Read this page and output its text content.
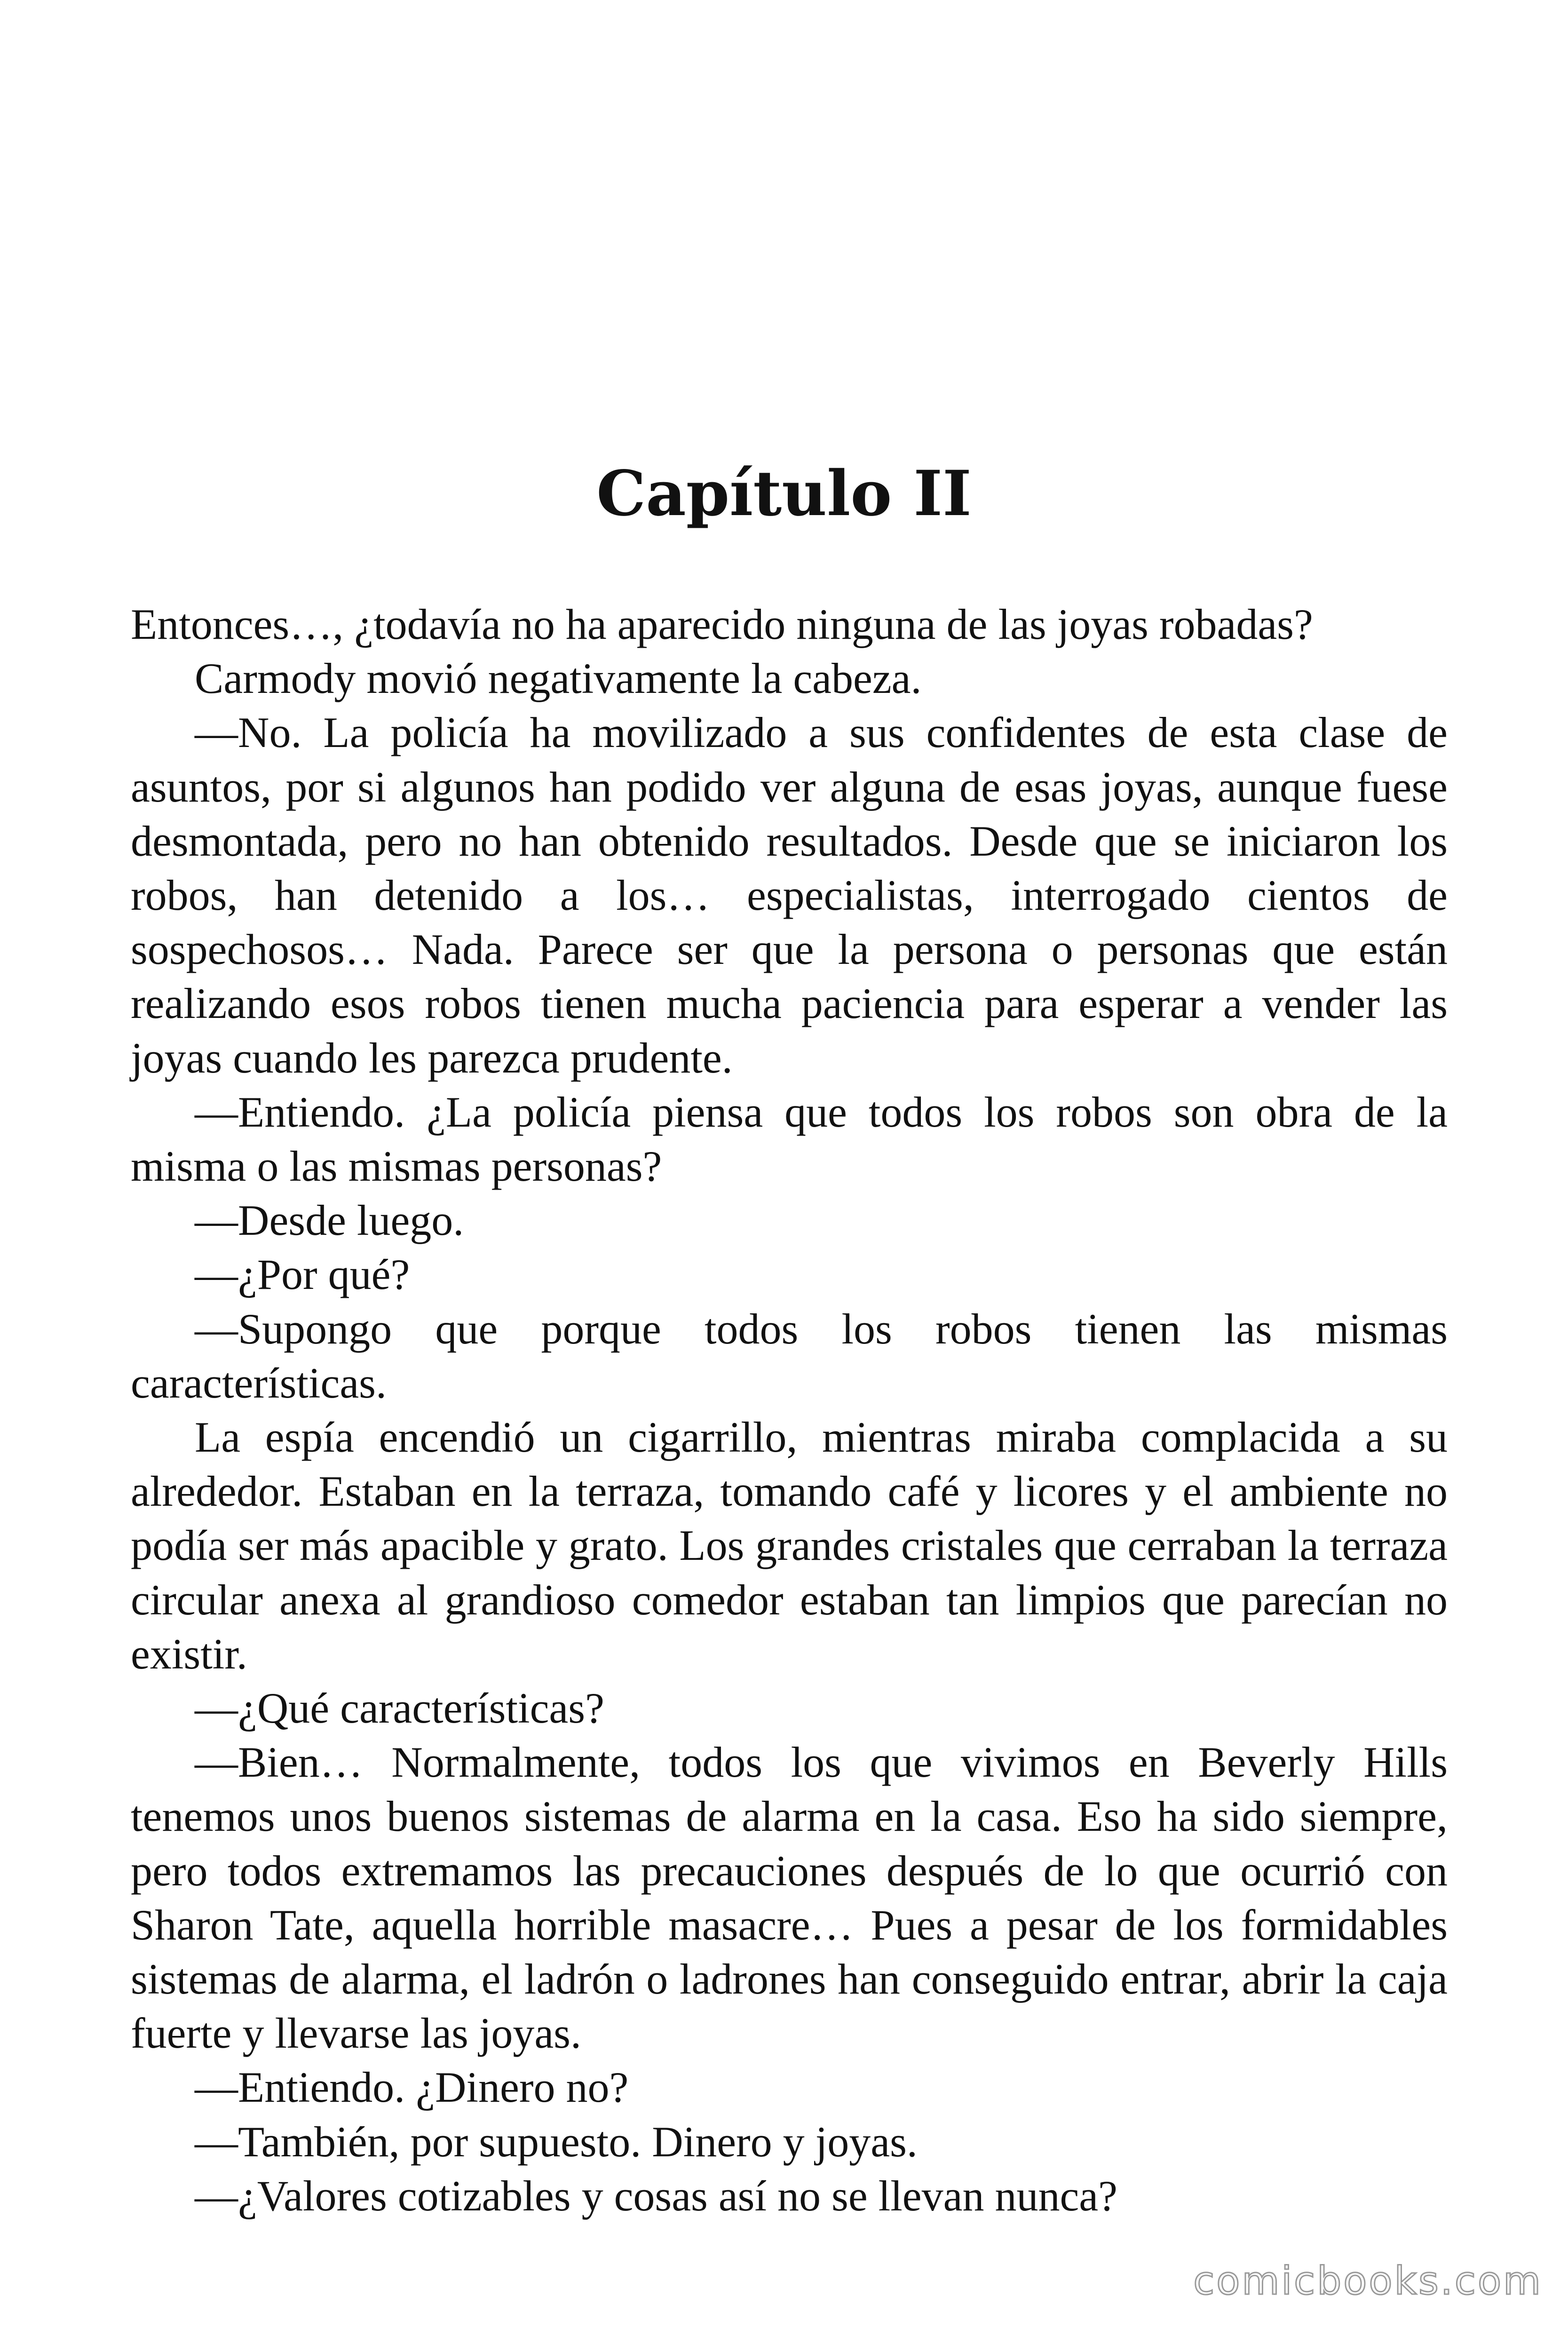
Capítulo II

Entonces…, ¿todavía no ha aparecido ninguna de las joyas robadas?

Carmody movió negativamente la cabeza.

—No. La policía ha movilizado a sus confidentes de esta clase de asuntos, por si algunos han podido ver alguna de esas joyas, aunque fuese desmontada, pero no han obtenido resultados. Desde que se iniciaron los robos, han detenido a los… especialistas, interrogado cientos de sospechosos… Nada. Parece ser que la persona o personas que están realizando esos robos tienen mucha paciencia para esperar a vender las joyas cuando les parezca prudente.

—Entiendo. ¿La policía piensa que todos los robos son obra de la misma o las mismas personas?

—Desde luego.

—¿Por qué?

—Supongo que porque todos los robos tienen las mismas características.

La espía encendió un cigarrillo, mientras miraba complacida a su alrededor. Estaban en la terraza, tomando café y licores y el ambiente no podía ser más apacible y grato. Los grandes cristales que cerraban la terraza circular anexa al grandioso comedor estaban tan limpios que parecían no existir.

—¿Qué características?

—Bien… Normalmente, todos los que vivimos en Beverly Hills tenemos unos buenos sistemas de alarma en la casa. Eso ha sido siempre, pero todos extremamos las precauciones después de lo que ocurrió con Sharon Tate, aquella horrible masacre… Pues a pesar de los formidables sistemas de alarma, el ladrón o ladrones han conseguido entrar, abrir la caja fuerte y llevarse las joyas.

—Entiendo. ¿Dinero no?

—También, por supuesto. Dinero y joyas.

—¿Valores cotizables y cosas así no se llevan nunca?

comicbooks.com
